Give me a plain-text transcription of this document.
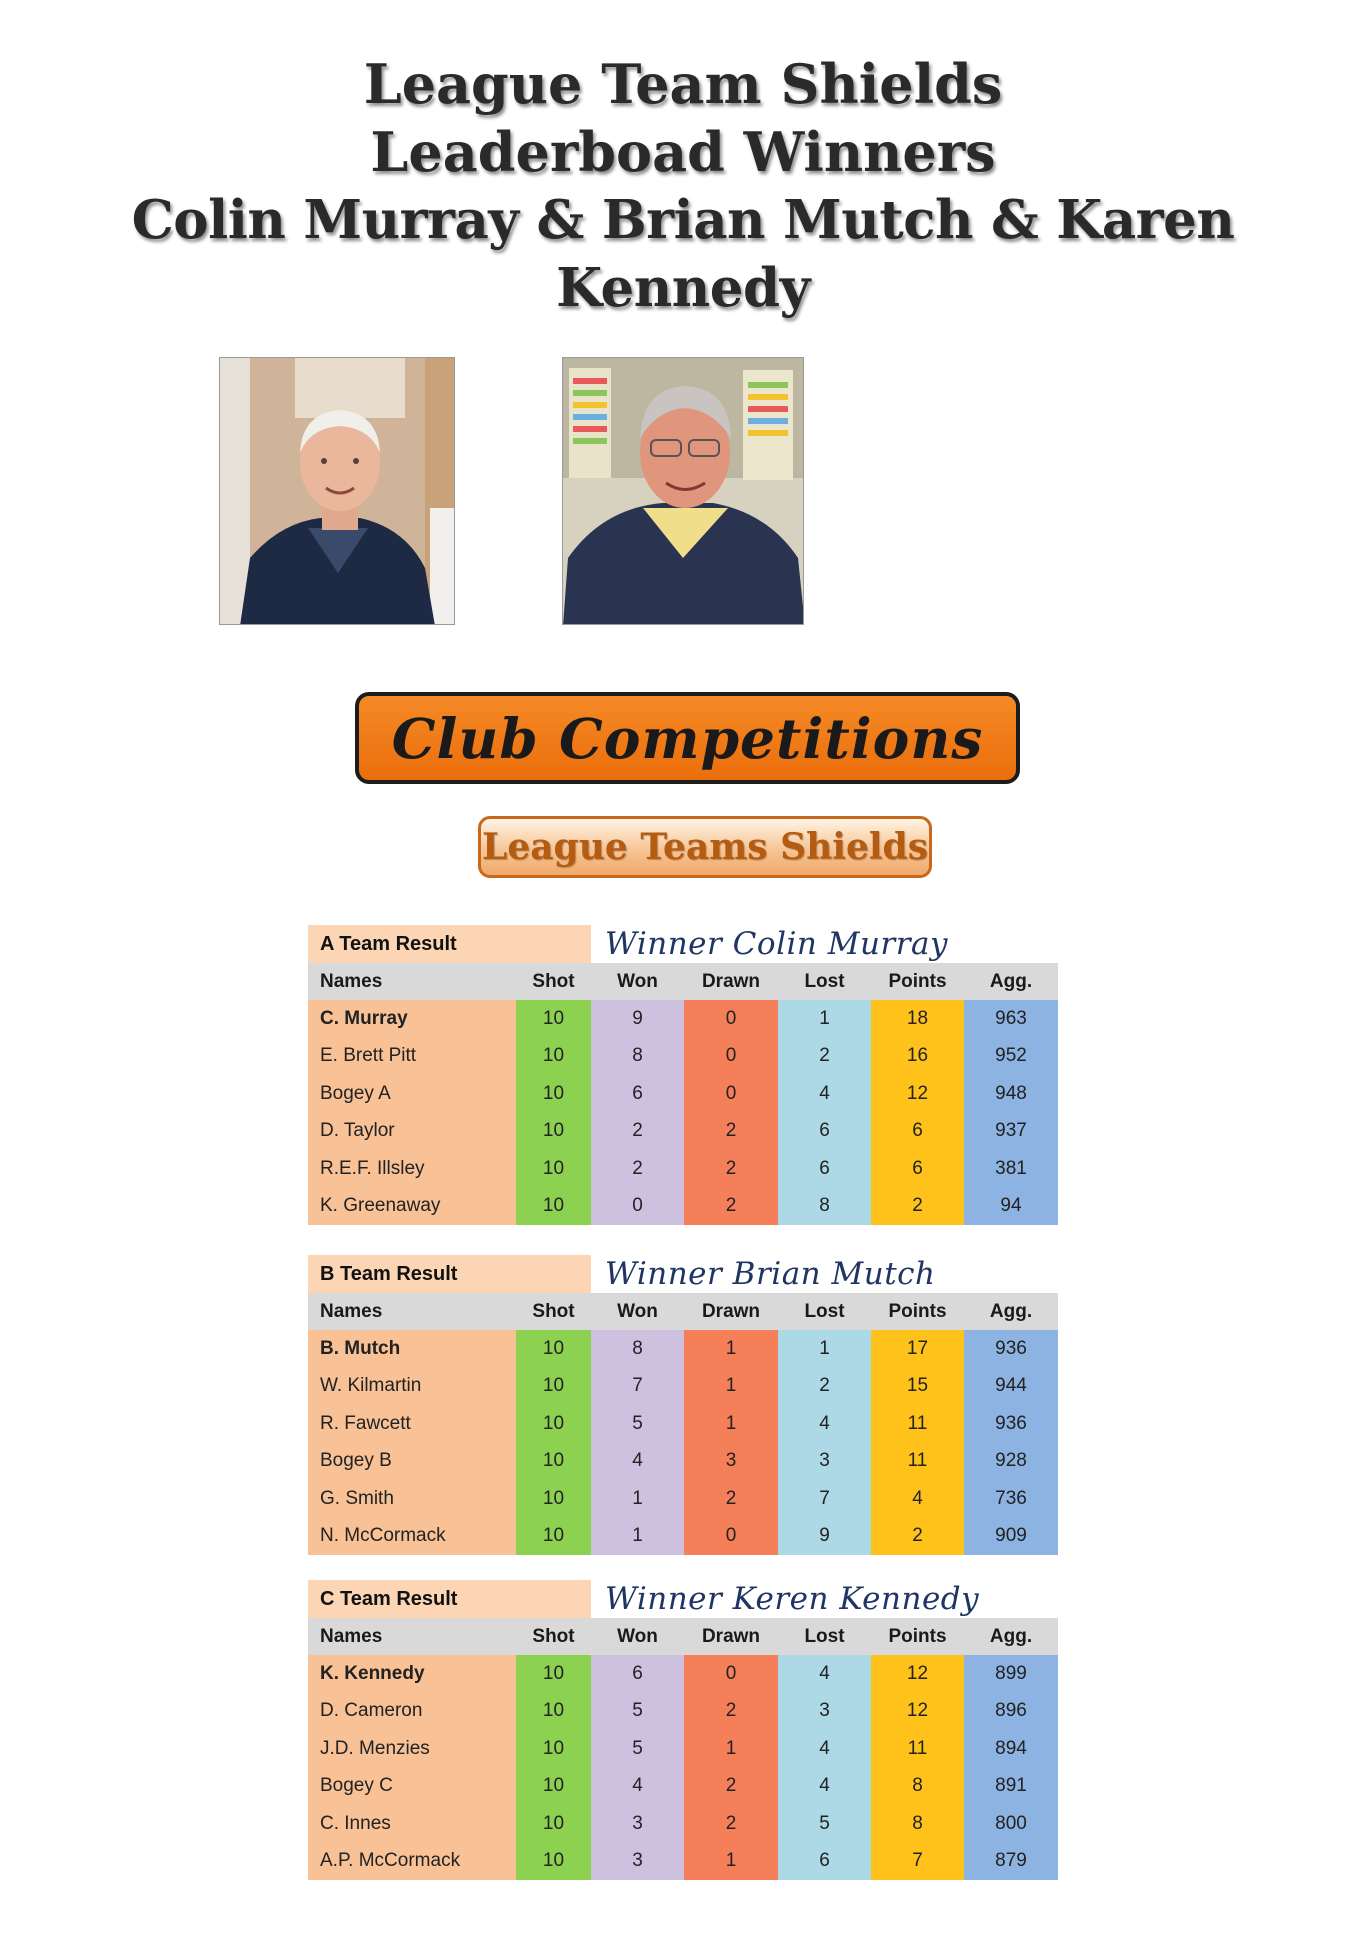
League Team Shields
Leaderboad Winners
Colin Murray & Brian Mutch & Karen Kennedy
Club Competitions
League Teams Shields
A Team Result	Winner Colin Murray
Names	Shot	Won	Drawn	Lost	Points	Agg.
C. Murray	10	9	0	1	18	963
E. Brett Pitt	10	8	0	2	16	952
Bogey A	10	6	0	4	12	948
D. Taylor	10	2	2	6	6	937
R.E.F. Illsley	10	2	2	6	6	381
K. Greenaway	10	0	2	8	2	94
B Team Result	Winner Brian Mutch
Names	Shot	Won	Drawn	Lost	Points	Agg.
B. Mutch	10	8	1	1	17	936
W. Kilmartin	10	7	1	2	15	944
R. Fawcett	10	5	1	4	11	936
Bogey B	10	4	3	3	11	928
G. Smith	10	1	2	7	4	736
N. McCormack	10	1	0	9	2	909
C Team Result	Winner Keren Kennedy
Names	Shot	Won	Drawn	Lost	Points	Agg.
K. Kennedy	10	6	0	4	12	899
D. Cameron	10	5	2	3	12	896
J.D. Menzies	10	5	1	4	11	894
Bogey C	10	4	2	4	8	891
C. Innes	10	3	2	5	8	800
A.P. McCormack	10	3	1	6	7	879
